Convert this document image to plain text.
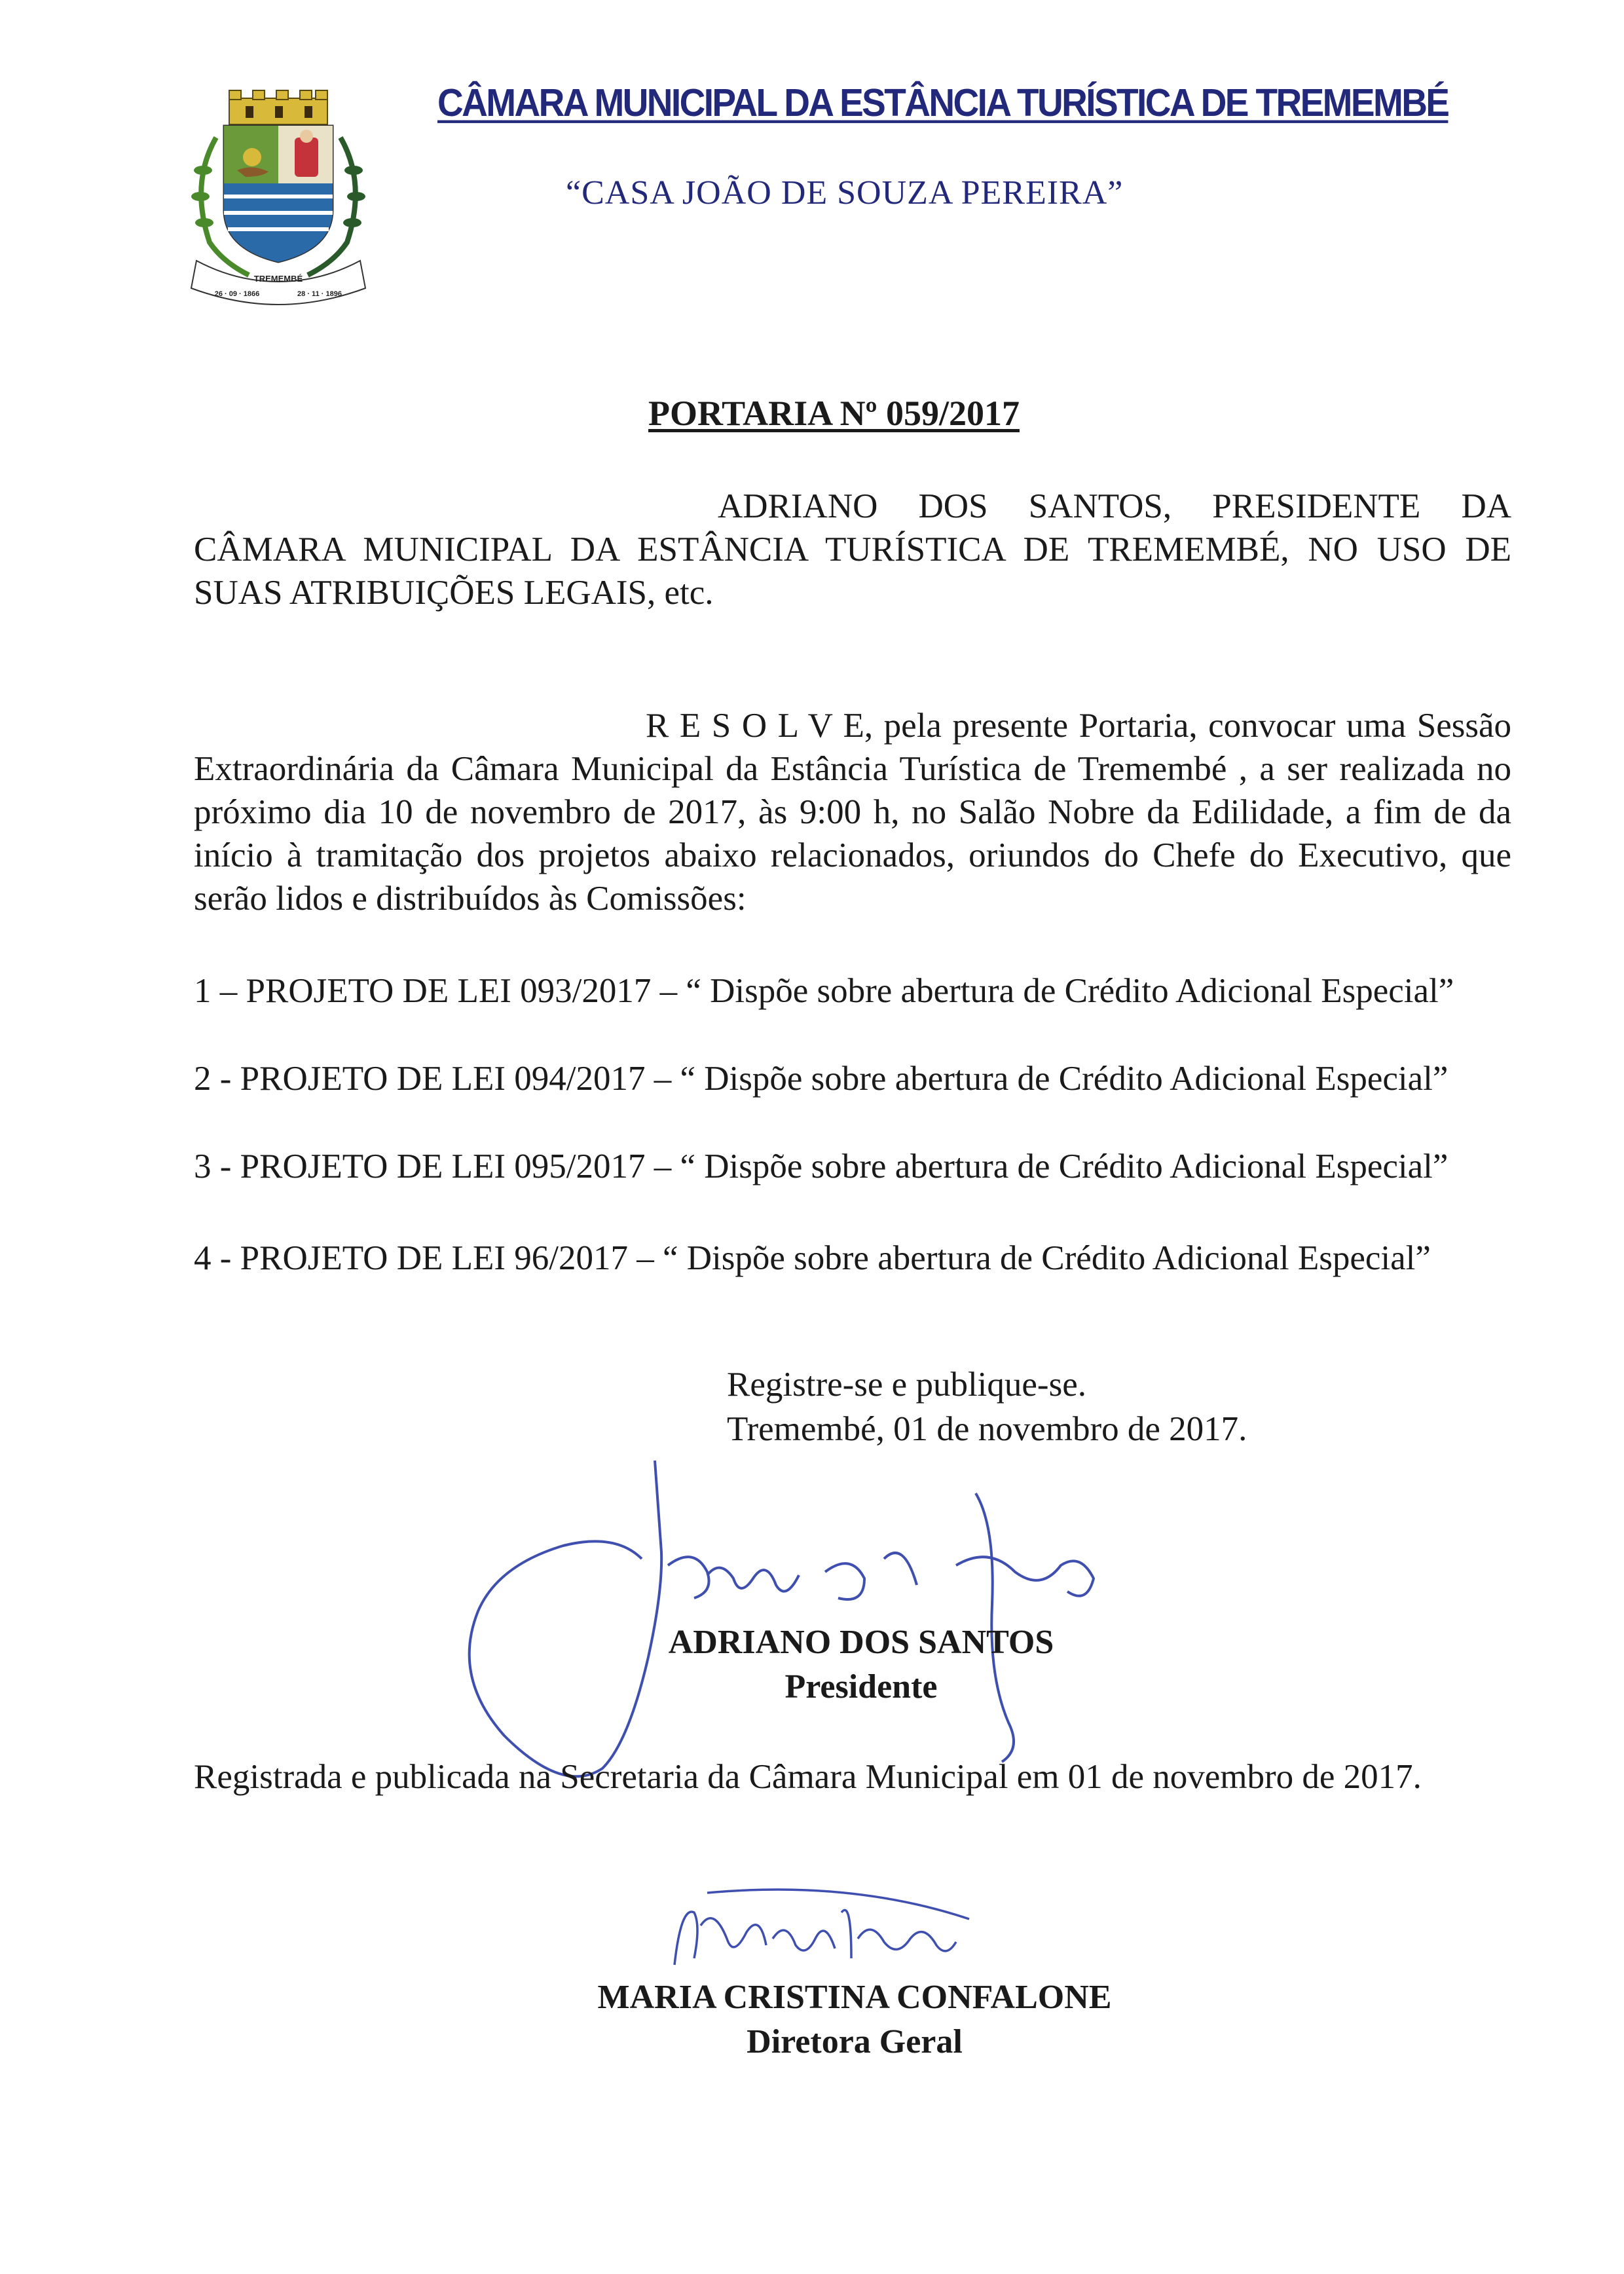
TREMEMBÉ
26 · 09 · 1866	28 · 11 · 1896
CÂMARA MUNICIPAL DA ESTÂNCIA TURÍSTICA DE TREMEMBÉ
“CASA JOÃO DE SOUZA PEREIRA”
PORTARIA Nº 059/2017
ADRIANO DOS SANTOS, PRESIDENTE DA CÂMARA MUNICIPAL DA ESTÂNCIA TURÍSTICA DE TREMEMBÉ, NO USO DE SUAS ATRIBUIÇÕES LEGAIS, etc.
R E S O L V E, pela presente Portaria, convocar uma Sessão Extraordinária da Câmara Municipal da Estância Turística de Tremembé , a ser realizada no próximo dia 10 de novembro de 2017, às 9:00 h, no Salão Nobre da Edilidade, a fim de da início à tramitação dos projetos abaixo relacionados, oriundos do Chefe do Executivo, que serão lidos e distribuídos às Comissões:
1 – PROJETO DE LEI 093/2017 – “ Dispõe sobre abertura de Crédito Adicional Especial”
2 - PROJETO DE LEI 094/2017 – “ Dispõe sobre abertura de Crédito Adicional Especial”
3 - PROJETO DE LEI 095/2017 – “ Dispõe sobre abertura de Crédito Adicional Especial”
4 - PROJETO DE LEI 96/2017 – “ Dispõe sobre abertura de Crédito Adicional Especial”
Registre-se e publique-se.
Tremembé, 01 de novembro de 2017.
ADRIANO DOS SANTOS
Presidente
Registrada e publicada na Secretaria da Câmara Municipal em 01 de novembro de 2017.
MARIA CRISTINA CONFALONE
Diretora Geral
